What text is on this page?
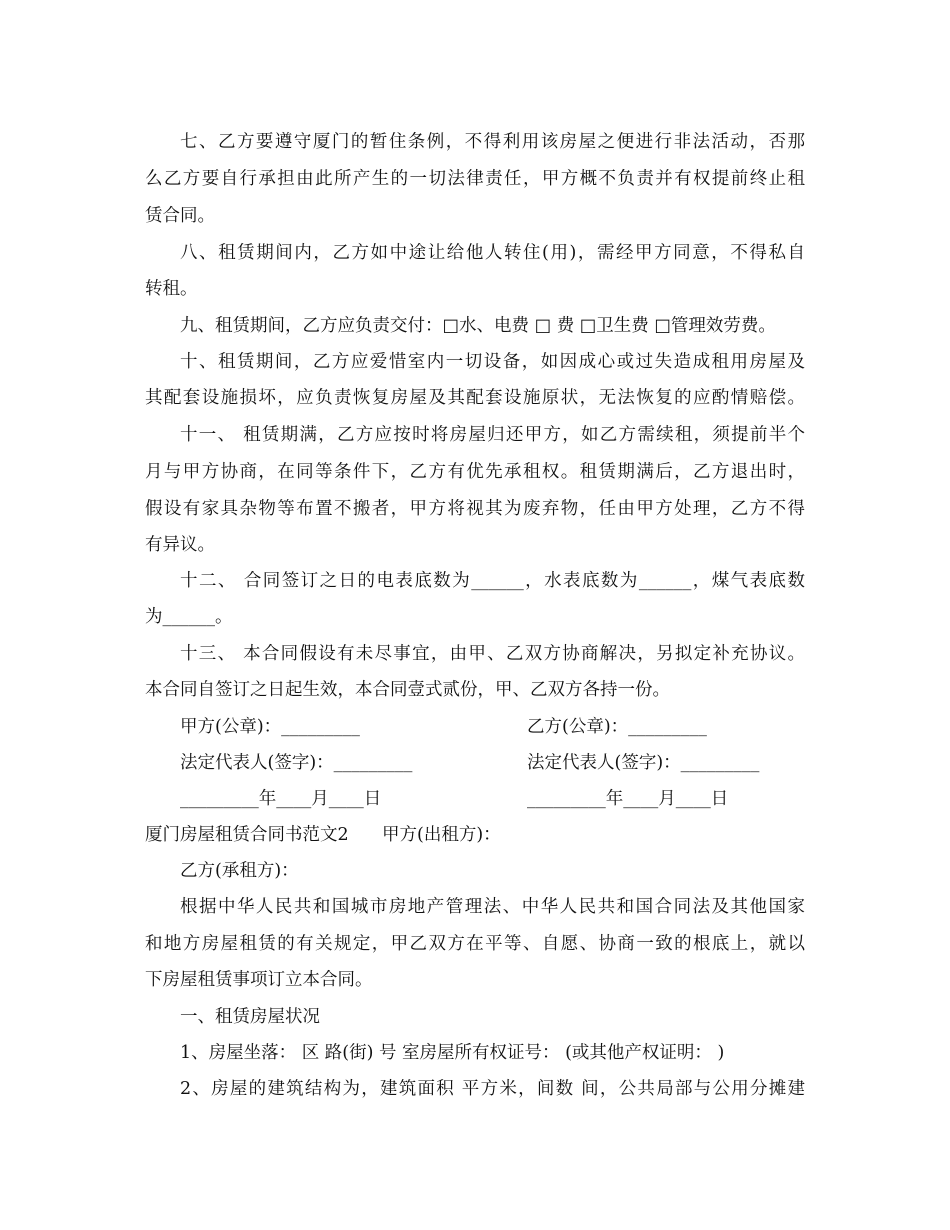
七、乙方要遵守厦门的暂住条例，不得利用该房屋之便进行非法活动，否那
么乙方要自行承担由此所产生的一切法律责任，甲方概不负责并有权提前终止租
赁合同。
八、租赁期间内，乙方如中途让给他人转住(用)，需经甲方同意，不得私自
转租。
九、租赁期间，乙方应负责交付：□水、电费 □ 费 □卫生费 □管理效劳费。
十、租赁期间，乙方应爱惜室内一切设备，如因成心或过失造成租用房屋及
其配套设施损坏，应负责恢复房屋及其配套设施原状，无法恢复的应酌情赔偿。
十一、 租赁期满，乙方应按时将房屋归还甲方，如乙方需续租，须提前半个
月与甲方协商，在同等条件下，乙方有优先承租权。租赁期满后，乙方退出时，
假设有家具杂物等布置不搬者，甲方将视其为废弃物，任由甲方处理，乙方不得
有异议。
十二、 合同签订之日的电表底数为______，水表底数为______，煤气表底数
为______。
十三、 本合同假设有未尽事宜，由甲、乙双方协商解决，另拟定补充协议。
本合同自签订之日起生效，本合同壹式贰份，甲、乙双方各持一份。
甲方(公章)：_________	乙方(公章)：_________
法定代表人(签字)：_________	法定代表人(签字)：_________
_________年____月____日	_________年____月____日
厦门房屋租赁合同书范文2      甲方(出租方)：
乙方(承租方)：
根据中华人民共和国城市房地产管理法、中华人民共和国合同法及其他国家
和地方房屋租赁的有关规定，甲乙双方在平等、自愿、协商一致的根底上，就以
下房屋租赁事项订立本合同。
一、租赁房屋状况
1、房屋坐落： 区 路(街) 号 室房屋所有权证号： (或其他产权证明： )
2、房屋的建筑结构为，建筑面积 平方米，间数 间，公共局部与公用分摊建
